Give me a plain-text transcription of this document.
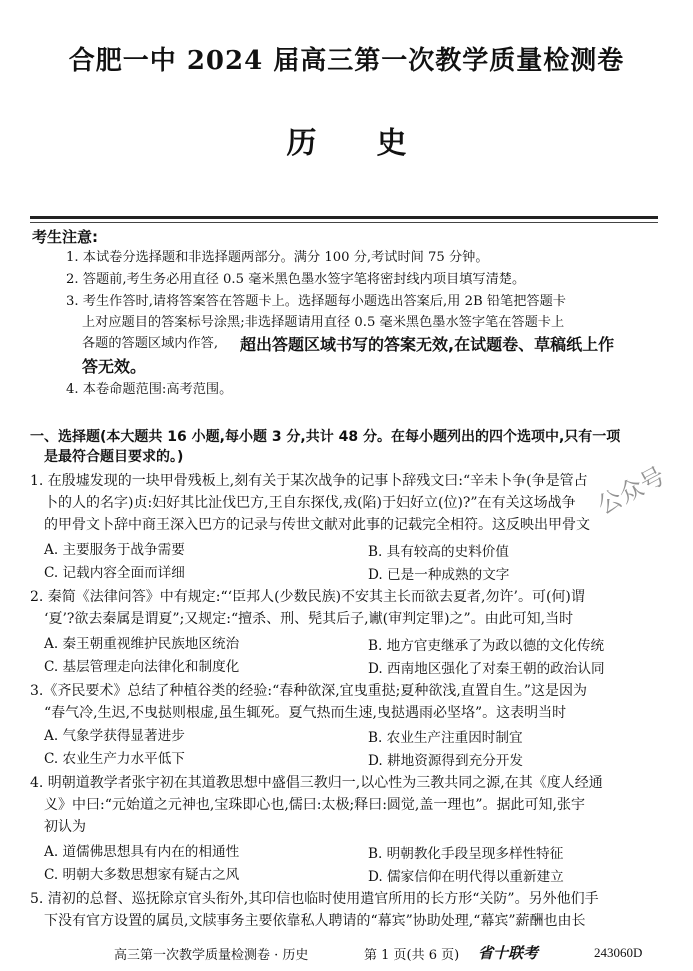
合肥一中 2024 届高三第一次教学质量检测卷
历史
考生注意:
1. 本试卷分选择题和非选择题两部分。满分 100 分,考试时间 75 分钟。
2. 答题前,考生务必用直径 0.5 毫米黑色墨水签字笔将密封线内项目填写清楚。
3. 考生作答时,请将答案答在答题卡上。选择题每小题选出答案后,用 2B 铅笔把答题卡
上对应题目的答案标号涂黑;非选择题请用直径 0.5 毫米黑色墨水签字笔在答题卡上
各题的答题区域内作答, 超出答题区域书写的答案无效,在试题卷、草稿纸上作
答无效。
4. 本卷命题范围:高考范围。
一、选择题(本大题共 16 小题,每小题 3 分,共计 48 分。在每小题列出的四个选项中,只有一项
是最符合题目要求的。)
1. 在殷墟发现的一块甲骨残板上,刻有关于某次战争的记事卜辞残文曰:“辛未卜争(争是管占
卜的人的名字)贞:妇好其比沚伐巴方,王自东探伐,戎(陷)于妇好立(位)?”在有关这场战争
的甲骨文卜辞中商王深入巴方的记录与传世文献对此事的记载完全相符。这反映出甲骨文
A. 主要服务于战争需要	B. 具有较高的史料价值
C. 记载内容全面而详细	D. 已是一种成熟的文字
2. 秦简《法律问答》中有规定:“‘臣邦人(少数民族)不安其主长而欲去夏者,勿许’。可(何)谓
‘夏’?欲去秦属是谓夏”;又规定:“擅杀、刑、髡其后子,谳(审判定罪)之”。由此可知,当时
A. 秦王朝重视维护民族地区统治	B. 地方官吏继承了为政以德的文化传统
C. 基层管理走向法律化和制度化	D. 西南地区强化了对秦王朝的政治认同
3.《齐民要术》总结了种植谷类的经验:“春种欲深,宜曳重挞;夏种欲浅,直置自生。”这是因为
“春气冷,生迟,不曳挞则根虚,虽生辄死。夏气热而生速,曳挞遇雨必坚垎”。这表明当时
A. 气象学获得显著进步	B. 农业生产注重因时制宜
C. 农业生产力水平低下	D. 耕地资源得到充分开发
4. 明朝道教学者张宇初在其道教思想中盛倡三教归一,以心性为三教共同之源,在其《度人经通
义》中曰:“元始道之元神也,宝珠即心也,儒曰:太极;释曰:圆觉,盖一理也”。据此可知,张宇
初认为
A. 道儒佛思想具有内在的相通性	B. 明朝教化手段呈现多样性特征
C. 明朝大多数思想家有疑古之风	D. 儒家信仰在明代得以重新建立
5. 清初的总督、巡抚除京官头衔外,其印信也临时使用遣官所用的长方形“关防”。另外他们手
下没有官方设置的属员,文牍事务主要依靠私人聘请的“幕宾”协助处理,“幕宾”薪酬也由长
公众号
高三第一次教学质量检测卷 · 历史	第 1 页(共 6 页) 省十联考	243060D
